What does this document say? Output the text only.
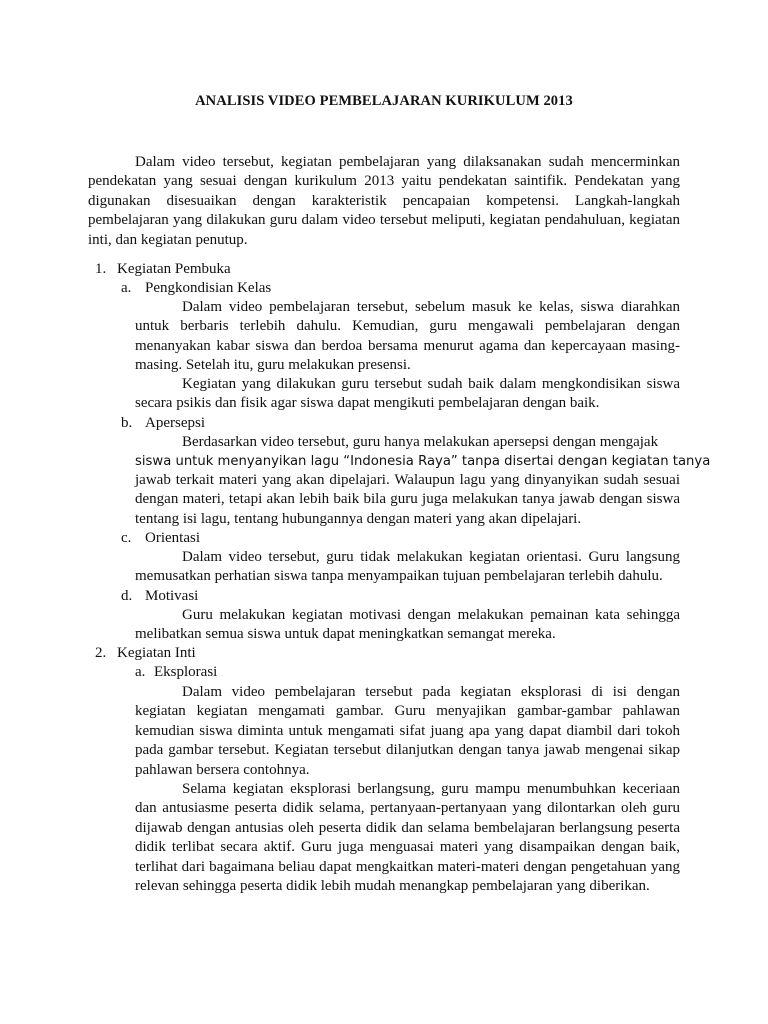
ANALISIS VIDEO PEMBELAJARAN KURIKULUM 2013

Dalam video tersebut, kegiatan pembelajaran yang dilaksanakan sudah mencerminkan pendekatan yang sesuai dengan kurikulum 2013 yaitu pendekatan saintifik. Pendekatan yang digunakan disesuaikan dengan karakteristik pencapaian kompetensi. Langkah-langkah pembelajaran yang dilakukan guru dalam video tersebut meliputi, kegiatan pendahuluan, kegiatan inti, dan kegiatan penutup.

1. Kegiatan Pembuka
a. Pengkondisian Kelas

Dalam video pembelajaran tersebut, sebelum masuk ke kelas, siswa diarahkan untuk berbaris terlebih dahulu. Kemudian, guru mengawali pembelajaran dengan menanyakan kabar siswa dan berdoa bersama menurut agama dan kepercayaan masing-masing. Setelah itu, guru melakukan presensi.

Kegiatan yang dilakukan guru tersebut sudah baik dalam mengkondisikan siswa secara psikis dan fisik agar siswa dapat mengikuti pembelajaran dengan baik.

b. Apersepsi

Berdasarkan video tersebut, guru hanya melakukan apersepsi dengan mengajak

siswa untuk menyanyikan lagu “Indonesia Raya” tanpa disertai dengan kegiatan tanya

jawab terkait materi yang akan dipelajari. Walaupun lagu yang dinyanyikan sudah sesuai dengan materi, tetapi akan lebih baik bila guru juga melakukan tanya jawab dengan siswa tentang isi lagu, tentang hubungannya dengan materi yang akan dipelajari.

c. Orientasi

Dalam video tersebut, guru tidak melakukan kegiatan orientasi. Guru langsung memusatkan perhatian siswa tanpa menyampaikan tujuan pembelajaran terlebih dahulu.

d. Motivasi

Guru melakukan kegiatan motivasi dengan melakukan pemainan kata sehingga melibatkan semua siswa untuk dapat meningkatkan semangat mereka.

2. Kegiatan Inti
a. Eksplorasi

Dalam video pembelajaran tersebut pada kegiatan eksplorasi di isi dengan kegiatan kegiatan mengamati gambar. Guru menyajikan gambar-gambar pahlawan kemudian siswa diminta untuk mengamati sifat juang apa yang dapat diambil dari tokoh pada gambar tersebut. Kegiatan tersebut dilanjutkan dengan tanya jawab mengenai sikap pahlawan bersera contohnya.

Selama kegiatan eksplorasi berlangsung, guru mampu menumbuhkan keceriaan dan antusiasme peserta didik selama, pertanyaan-pertanyaan yang dilontarkan oleh guru dijawab dengan antusias oleh peserta didik dan selama bembelajaran berlangsung peserta didik terlibat secara aktif. Guru juga menguasai materi yang disampaikan dengan baik, terlihat dari bagaimana beliau dapat mengkaitkan materi-materi dengan pengetahuan yang relevan sehingga peserta didik lebih mudah menangkap pembelajaran yang diberikan.
